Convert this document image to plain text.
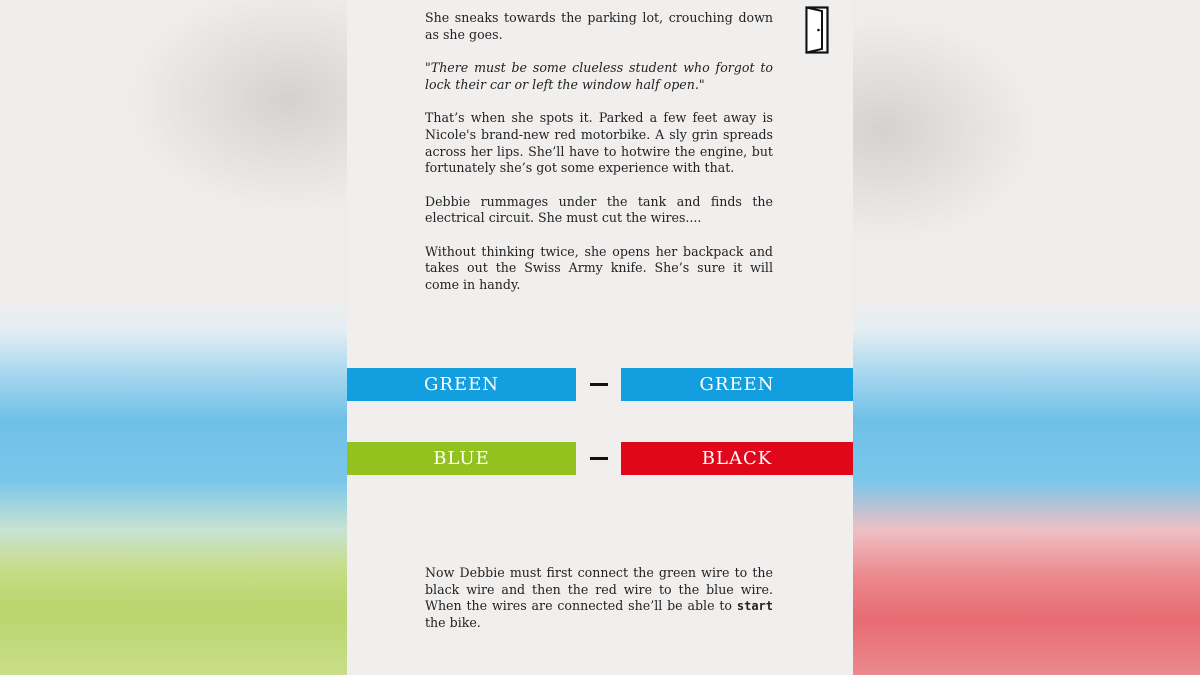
She sneaks towards the parking lot, crouching down as she goes.

"There must be some clueless student who forgot to lock their car or left the window half open."

That’s when she spots it. Parked a few feet away is Nicole's brand-new red motorbike. A sly grin spreads across her lips. She’ll have to hotwire the engine, but fortunately she’s got some experience with that.

Debbie rummages under the tank and finds the electrical circuit. She must cut the wires....

Without thinking twice, she opens her backpack and takes out the Swiss Army knife. She’s sure it will come in handy.

GREEN	GREEN
BLUE	BLACK
Now Debbie must first connect the green wire to the black wire and then the red wire to the blue wire. When the wires are connected she’ll be able to start the bike.
